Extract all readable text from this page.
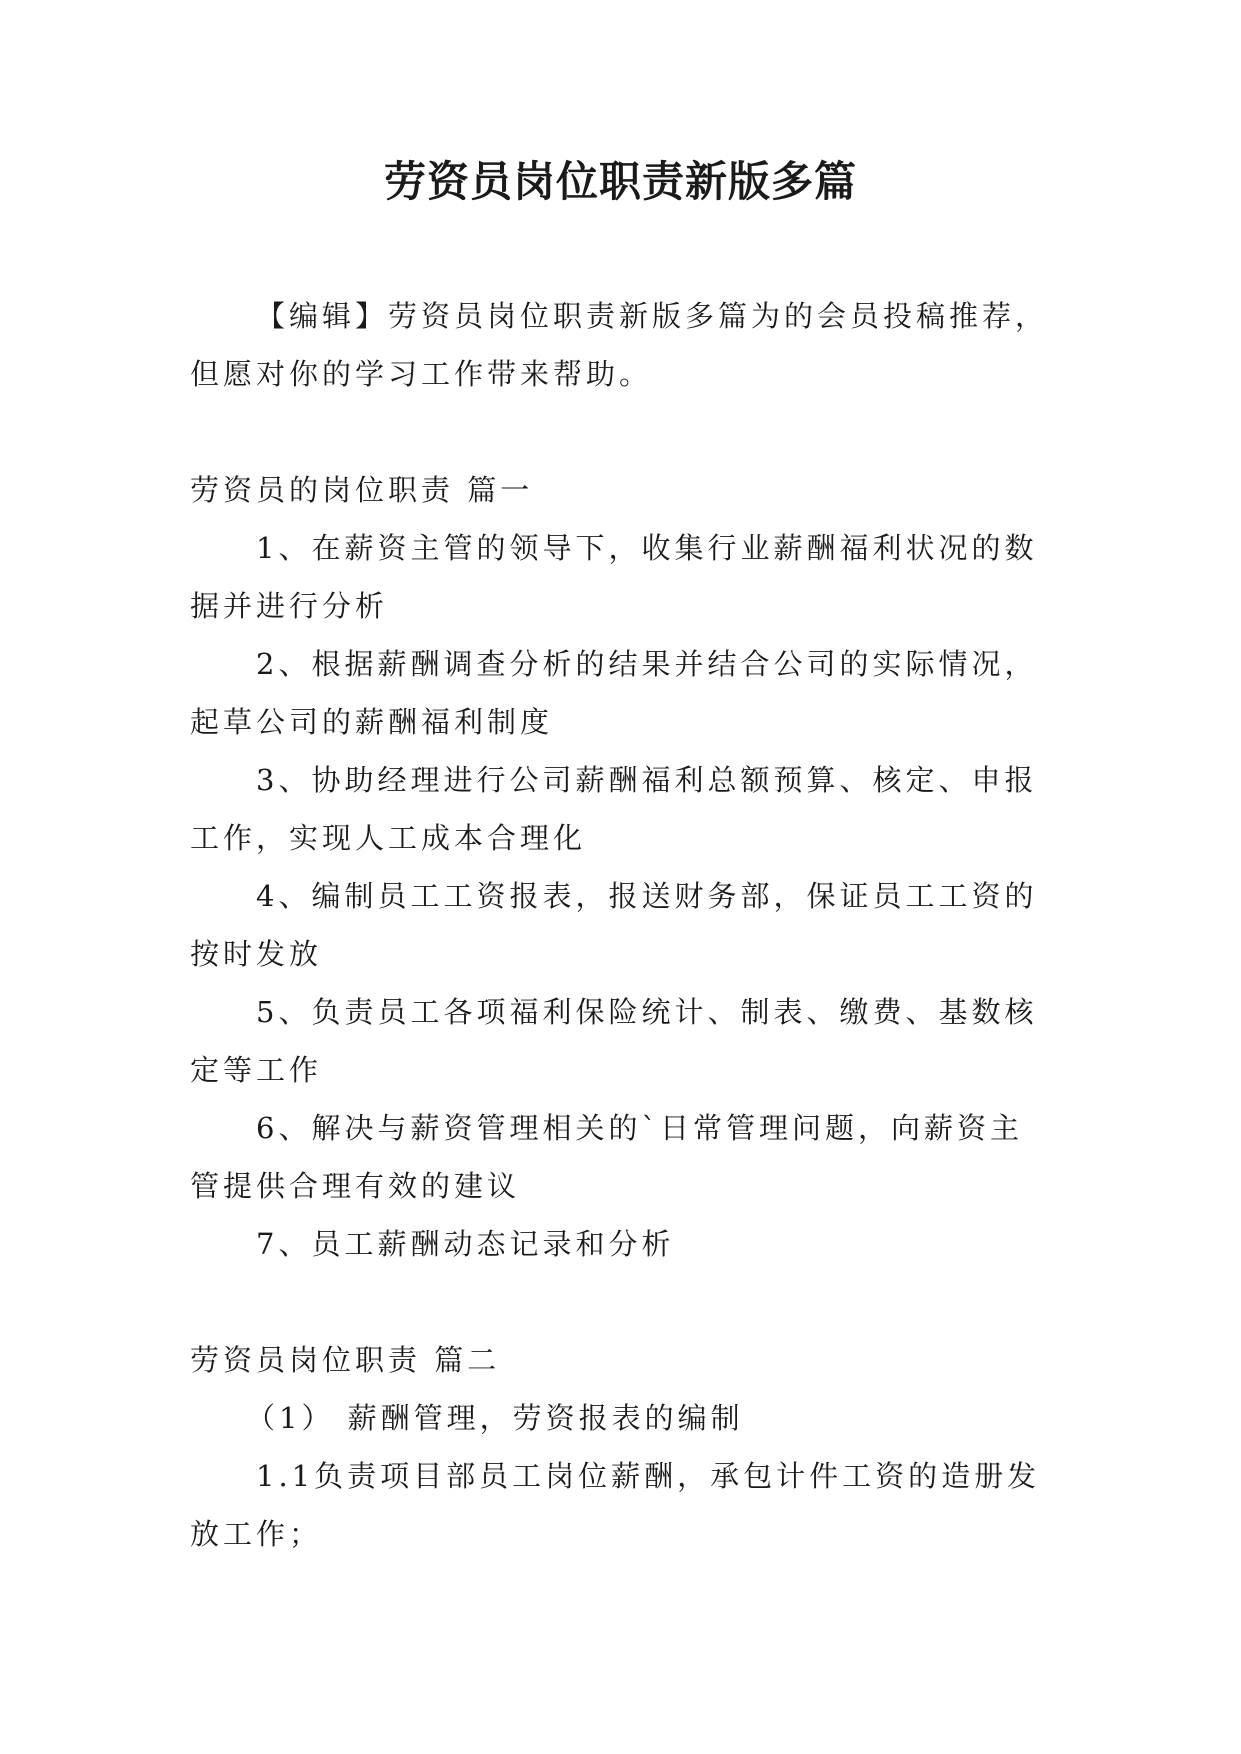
劳资员岗位职责新版多篇

【编辑】劳资员岗位职责新版多篇为的会员投稿推荐，但愿对你的学习工作带来帮助。

劳资员的岗位职责 篇一

1、在薪资主管的领导下，收集行业薪酬福利状况的数据并进行分析

2、根据薪酬调查分析的结果并结合公司的实际情况，起草公司的薪酬福利制度

3、协助经理进行公司薪酬福利总额预算、核定、申报工作，实现人工成本合理化

4、编制员工工资报表，报送财务部，保证员工工资的按时发放

5、负责员工各项福利保险统计、制表、缴费、基数核定等工作

6、解决与薪资管理相关的`日常管理问题，向薪资主管提供合理有效的建议

7、员工薪酬动态记录和分析

劳资员岗位职责 篇二

（1） 薪酬管理，劳资报表的编制

1.1负责项目部员工岗位薪酬，承包计件工资的造册发放工作；
